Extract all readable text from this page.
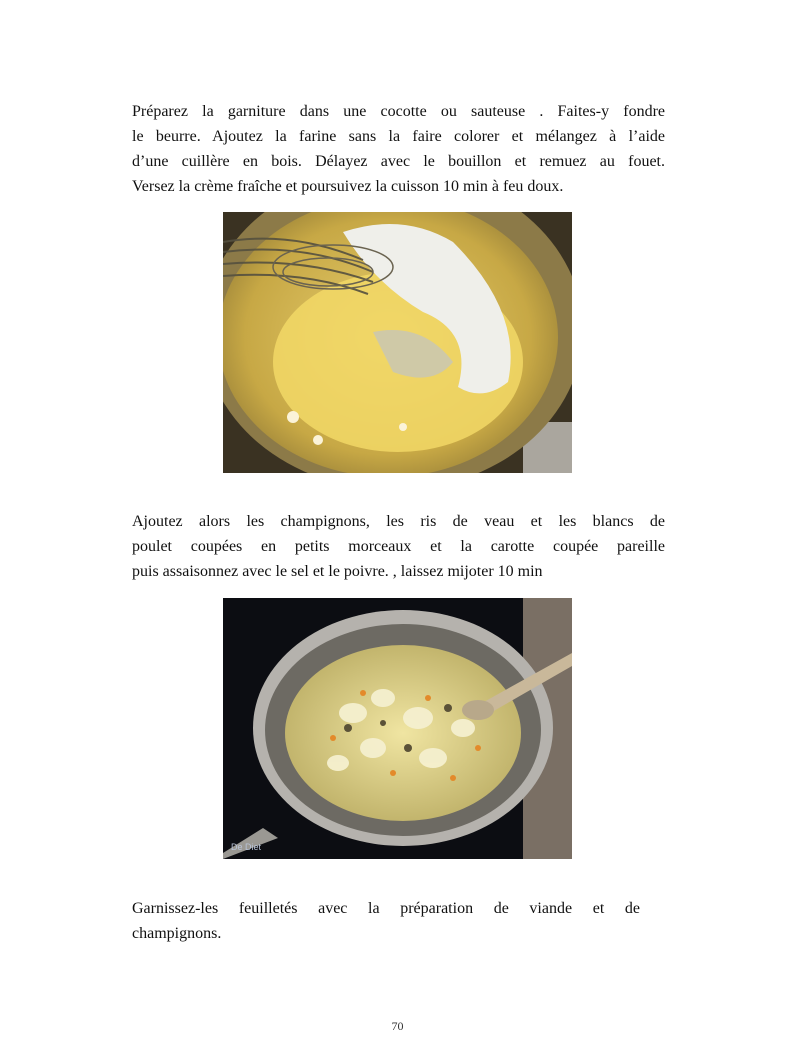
Préparez la garniture dans une cocotte ou sauteuse . Faites-y fondre
le beurre. Ajoutez la farine sans la faire colorer et mélangez à l’aide
d’une cuillère en bois. Délayez avec le bouillon et remuez au fouet.
Versez la crème fraîche et poursuivez la cuisson 10 min à feu doux.
Ajoutez alors les champignons, les ris de veau et les blancs de
poulet coupées en petits morceaux et la carotte coupée pareille
puis assaisonnez avec le sel et le poivre. , laissez mijoter 10 min
De Diet
Garnissez-les feuilletés avec la préparation de viande et de
champignons.
70
